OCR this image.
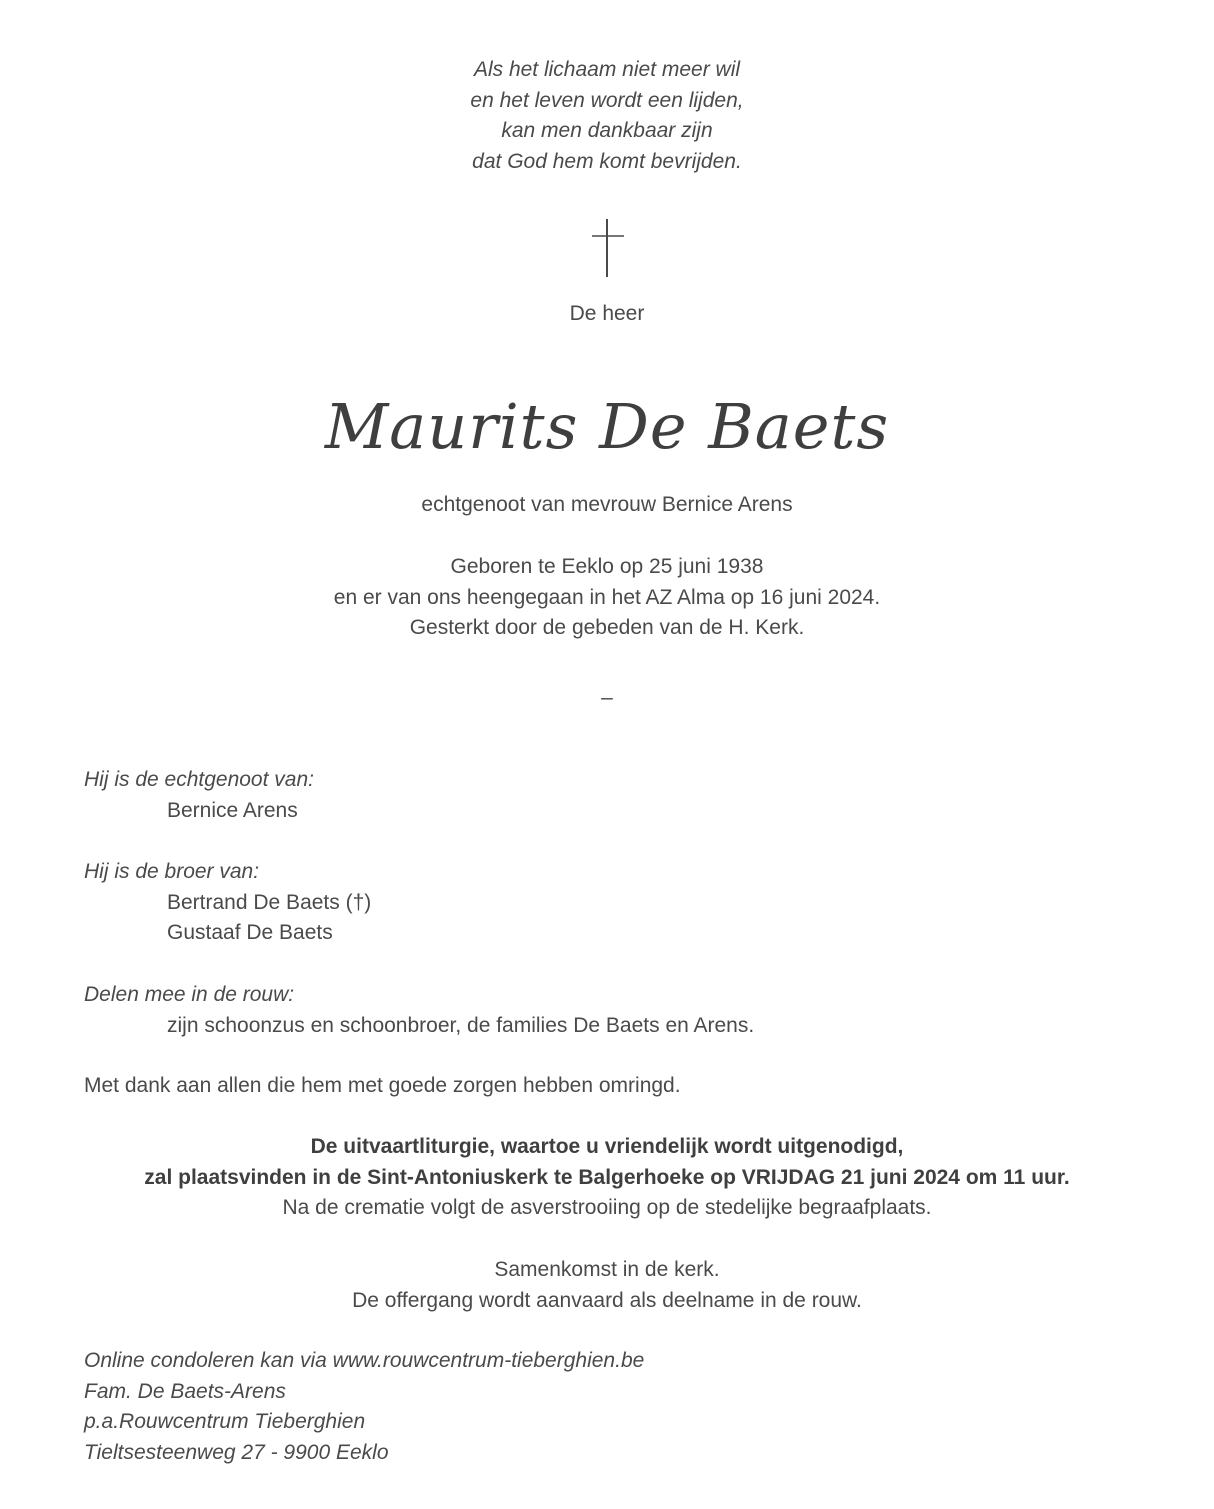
Als het lichaam niet meer wil
en het leven wordt een lijden,
kan men dankbaar zijn
dat God hem komt bevrijden.
De heer
Maurits De Baets
echtgenoot van mevrouw Bernice Arens
Geboren te Eeklo op 25 juni 1938
en er van ons heengegaan in het AZ Alma op 16 juni 2024.
Gesterkt door de gebeden van de H. Kerk.
–
Hij is de echtgenoot van:
Bernice Arens
Hij is de broer van:
Bertrand De Baets (†)
Gustaaf De Baets
Delen mee in de rouw:
zijn schoonzus en schoonbroer, de families De Baets en Arens.
Met dank aan allen die hem met goede zorgen hebben omringd.
De uitvaartliturgie, waartoe u vriendelijk wordt uitgenodigd,
zal plaatsvinden in de Sint-Antoniuskerk te Balgerhoeke op VRIJDAG 21 juni 2024 om 11 uur.
Na de crematie volgt de asverstrooiing op de stedelijke begraafplaats.
Samenkomst in de kerk.
De offergang wordt aanvaard als deelname in de rouw.
Online condoleren kan via www.rouwcentrum-tieberghien.be
Fam. De Baets-Arens
p.a.Rouwcentrum Tieberghien
Tieltsesteenweg 27 - 9900 Eeklo
